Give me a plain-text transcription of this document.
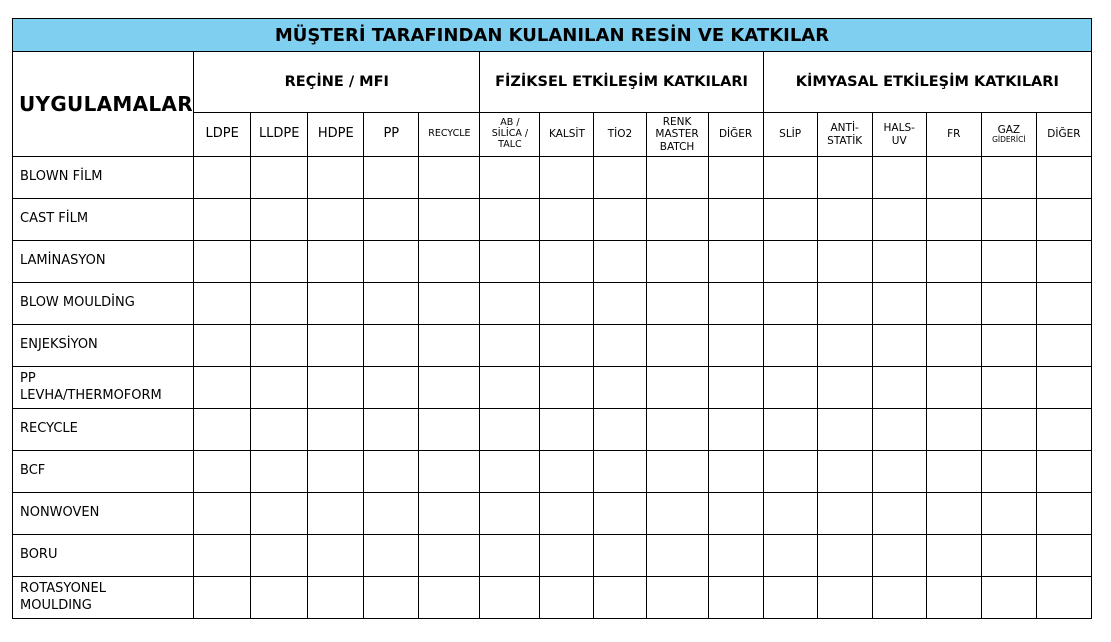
MÜŞTERİ TARAFINDAN KULANILAN RESİN VE KATKILAR																
UYGULAMALAR	REÇİNE / MFI					FİZİKSEL ETKİLEŞİM KATKILARI					KİMYASAL ETKİLEŞİM KATKILARI					
	LDPE	LLDPE	HDPE	PP	RECYCLE	AB /
SİLİCA /
TALC	KALSİT	TİO2	RENK
MASTER
BATCH	DİĞER	SLİP	ANTİ-
STATİK	HALS-
UV	FR	GAZ
GİDERİCİ	DİĞER
BLOWN FİLM																
CAST FİLM																
LAMİNASYON																
BLOW MOULDİNG																
ENJEKSİYON																
PP
LEVHA/THERMOFORM																
RECYCLE																
BCF																
NONWOVEN																
BORU																
ROTASYONEL
MOULDING																
